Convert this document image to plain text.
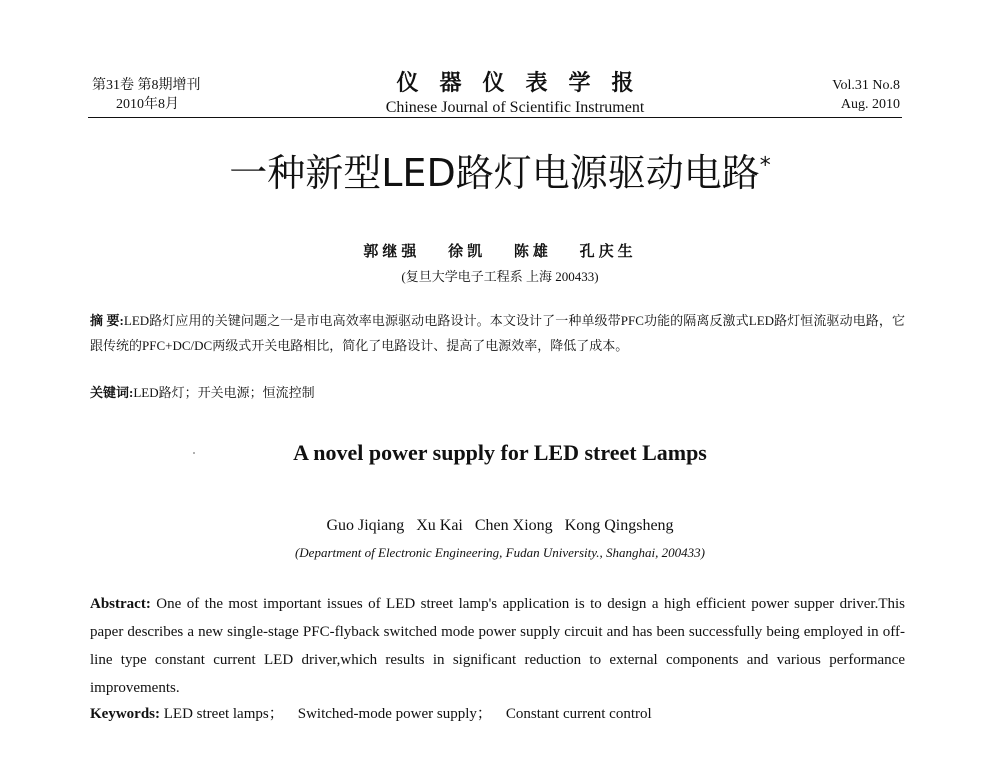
第31卷 第8期增刊
2010年8月
仪器仪表学报
Chinese Journal of Scientific Instrument
Vol.31 No.8
Aug. 2010
一种新型LED路灯电源驱动电路*
郭继强 徐凯 陈雄 孔庆生
(复旦大学电子工程系 上海 200433)
摘 要:LED路灯应用的关键问题之一是市电高效率电源驱动电路设计。本文设计了一种单级带PFC功能的隔离反激式LED路灯恒流驱动电路，它跟传统的PFC+DC/DC两级式开关电路相比，简化了电路设计、提高了电源效率，降低了成本。
关键词:LED路灯；开关电源；恒流控制
A novel power supply for LED street Lamps
Guo Jiqiang Xu Kai Chen Xiong Kong Qingsheng
(Department of Electronic Engineering, Fudan University., Shanghai, 200433)
Abstract: One of the most important issues of LED street lamp's application is to design a high efficient power supper driver.This paper describes a new single-stage PFC-flyback switched mode power supply circuit and has been successfully being employed in off-line type constant current LED driver,which results in significant reduction to external components and various performance improvements.
Keywords: LED street lamps； Switched-mode power supply； Constant current control
